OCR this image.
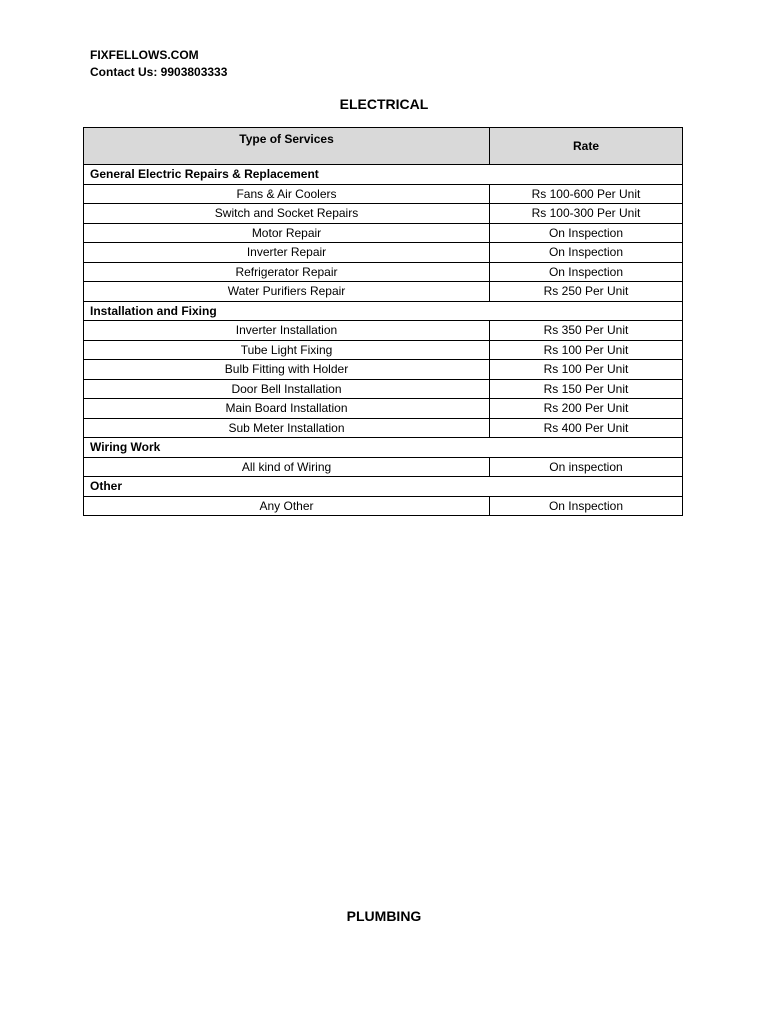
FIXFELLOWS.COM
Contact Us: 9903803333
ELECTRICAL
Type of Services	Rate
General Electric Repairs & Replacement	
Fans & Air Coolers	Rs 100-600 Per Unit
Switch and Socket Repairs	Rs 100-300 Per Unit
Motor Repair	On Inspection
Inverter Repair	On Inspection
Refrigerator Repair	On Inspection
Water Purifiers Repair	Rs 250 Per Unit
Installation and Fixing	
Inverter Installation	Rs 350 Per Unit
Tube Light Fixing	Rs 100 Per Unit
Bulb Fitting with Holder	Rs 100 Per Unit
Door Bell Installation	Rs 150 Per Unit
Main Board Installation	Rs 200 Per Unit
Sub Meter Installation	Rs 400 Per Unit
Wiring Work	
All kind of Wiring	On inspection
Other	
Any Other	On Inspection
PLUMBING
